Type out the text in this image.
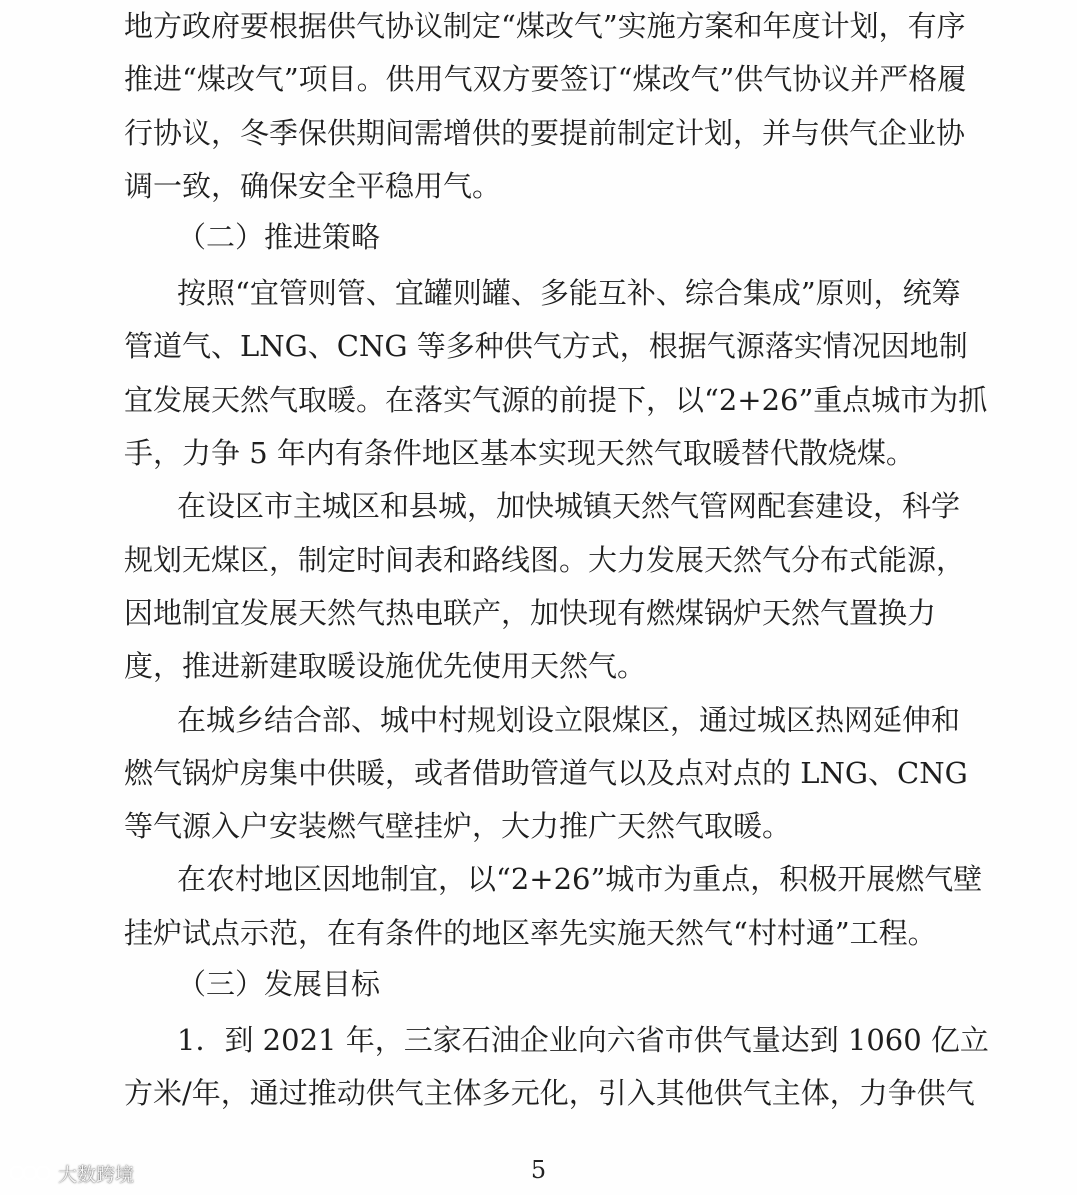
地方政府要根据供气协议制定“煤改气”实施方案和年度计划，有序
推进“煤改气”项目。供用气双方要签订“煤改气”供气协议并严格履
行协议，冬季保供期间需增供的要提前制定计划，并与供气企业协
调一致，确保安全平稳用气。
（二）推进策略
按照“宜管则管、宜罐则罐、多能互补、综合集成”原则，统筹
管道气、LNG、CNG 等多种供气方式，根据气源落实情况因地制
宜发展天然气取暖。在落实气源的前提下，以“2+26”重点城市为抓
手，力争 5 年内有条件地区基本实现天然气取暖替代散烧煤。
在设区市主城区和县城，加快城镇天然气管网配套建设，科学
规划无煤区，制定时间表和路线图。大力发展天然气分布式能源，
因地制宜发展天然气热电联产，加快现有燃煤锅炉天然气置换力
度，推进新建取暖设施优先使用天然气。
在城乡结合部、城中村规划设立限煤区，通过城区热网延伸和
燃气锅炉房集中供暖，或者借助管道气以及点对点的 LNG、CNG
等气源入户安装燃气壁挂炉，大力推广天然气取暖。
在农村地区因地制宜，以“2+26”城市为重点，积极开展燃气壁
挂炉试点示范，在有条件的地区率先实施天然气“村村通”工程。
（三）发展目标
1．到 2021 年，三家石油企业向六省市供气量达到 1060 亿立
方米/年，通过推动供气主体多元化，引入其他供气主体，力争供气
5
大数跨境
